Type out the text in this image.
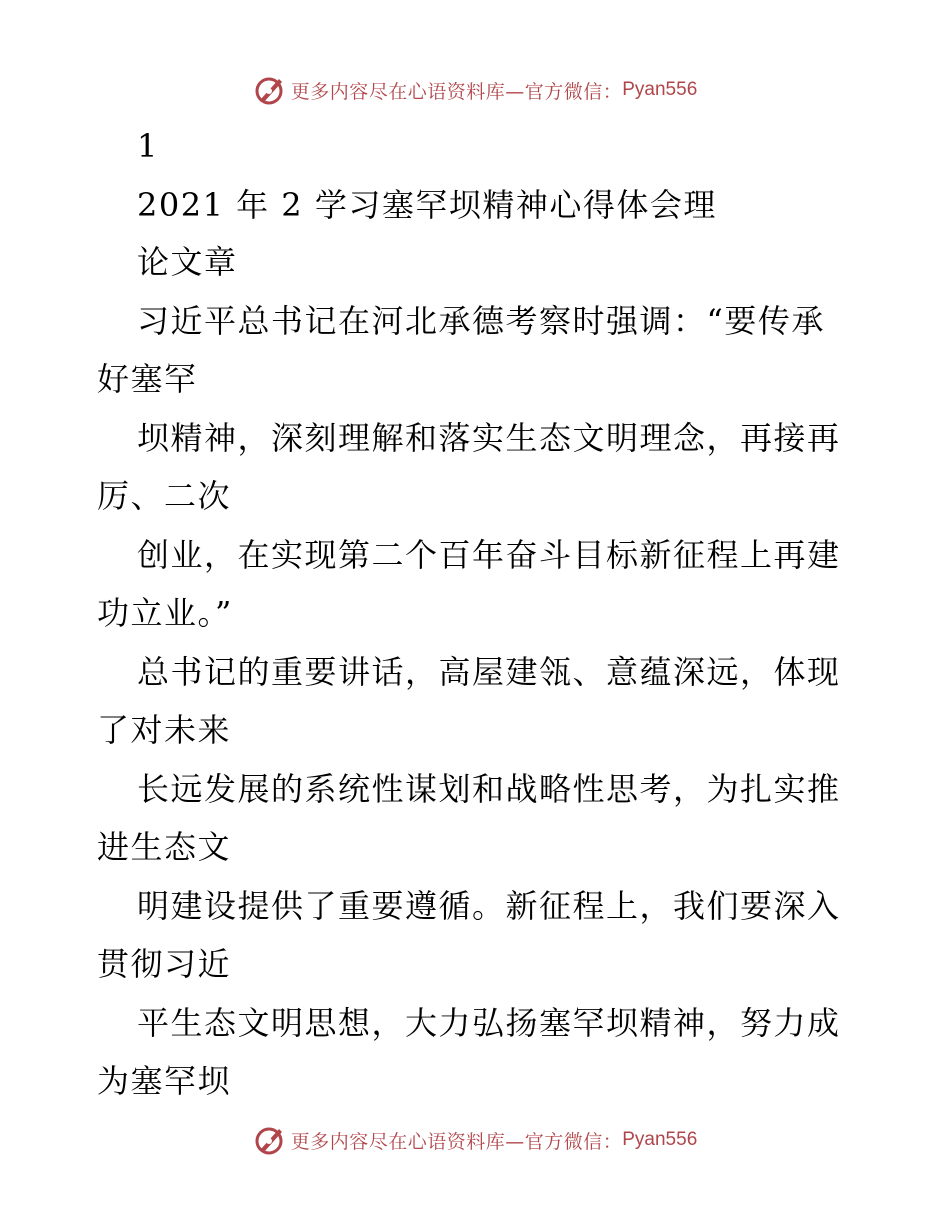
更多内容尽在心语资料库—官方微信： Pyan556
1
2021 年 2 学习塞罕坝精神心得体会理
论文章
习近平总书记在河北承德考察时强调：“要传承
好塞罕
坝精神，深刻理解和落实生态文明理念，再接再
厉、二次
创业，在实现第二个百年奋斗目标新征程上再建
功立业。”
总书记的重要讲话，高屋建瓴、意蕴深远，体现
了对未来
长远发展的系统性谋划和战略性思考，为扎实推
进生态文
明建设提供了重要遵循。新征程上，我们要深入
贯彻习近
平生态文明思想，大力弘扬塞罕坝精神，努力成
为塞罕坝
更多内容尽在心语资料库—官方微信： Pyan556
